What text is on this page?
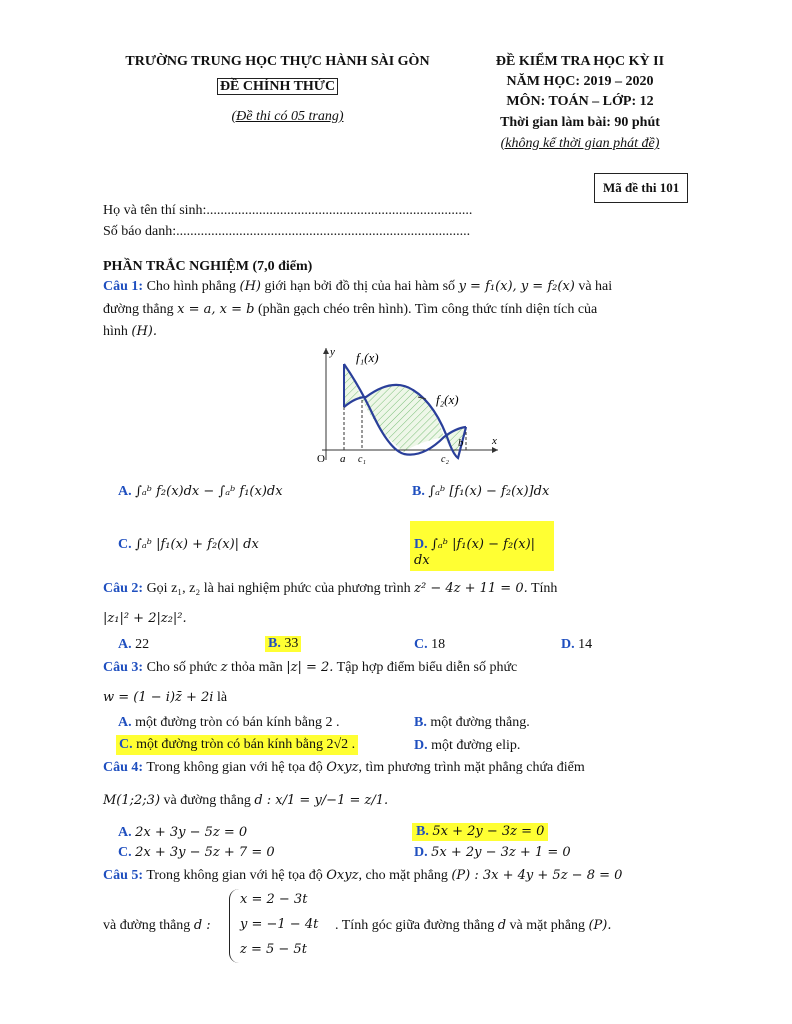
TRƯỜNG TRUNG HỌC THỰC HÀNH SÀI GÒN
ĐỀ CHÍNH THỨC
(Đề thi có 05 trang)
ĐỀ KIỂM TRA HỌC KỲ II
NĂM HỌC: 2019 – 2020
MÔN: TOÁN – LỚP: 12
Thời gian làm bài: 90 phút
(không kể thời gian phát đề)
Mã đề thi 101
Họ và tên thí sinh:............................................................................
Số báo danh:....................................................................................
PHẦN TRẮC NGHIỆM (7,0 điểm)
Câu 1: Cho hình phẳng (H) giới hạn bởi đồ thị của hai hàm số y = f₁(x), y = f₂(x) và hai
đường thẳng x = a, x = b (phần gạch chéo trên hình). Tìm công thức tính diện tích của
hình (H).
y
x
O a c₁	c₂
b
f₁(x)
f₂(x)
A. ∫ₐᵇ f₂(x)dx − ∫ₐᵇ f₁(x)dx	B. ∫ₐᵇ [f₁(x) − f₂(x)]dx
C. ∫ₐᵇ |f₁(x) + f₂(x)| dx	D. ∫ₐᵇ |f₁(x) − f₂(x)| dx
Câu 2: Gọi z₁, z₂ là hai nghiệm phức của phương trình z² − 4z + 11 = 0. Tính
|z₁|² + 2|z₂|².
A. 22	B. 33	C. 18	D. 14
Câu 3: Cho số phức z thỏa mãn |z| = 2. Tập hợp điểm biểu diễn số phức
w = (1 − i)z̄ + 2i là
A. một đường tròn có bán kính bằng 2 .	B. một đường thẳng.
C. một đường tròn có bán kính bằng 2√2 .	D. một đường elip.
Câu 4: Trong không gian với hệ tọa độ Oxyz, tìm phương trình mặt phẳng chứa điểm
M(1;2;3) và đường thẳng d : x/1 = y/−1 = z/1.
A. 2x + 3y − 5z = 0	B. 5x + 2y − 3z = 0
C. 2x + 3y − 5z + 7 = 0	D. 5x + 2y − 3z + 1 = 0
Câu 5: Trong không gian với hệ tọa độ Oxyz, cho mặt phẳng (P) : 3x + 4y + 5z − 8 = 0
và đường thẳng d :
x = 2 − 3t
y = −1 − 4t
z = 5 − 5t
. Tính góc giữa đường thẳng d và mặt phẳng (P).
